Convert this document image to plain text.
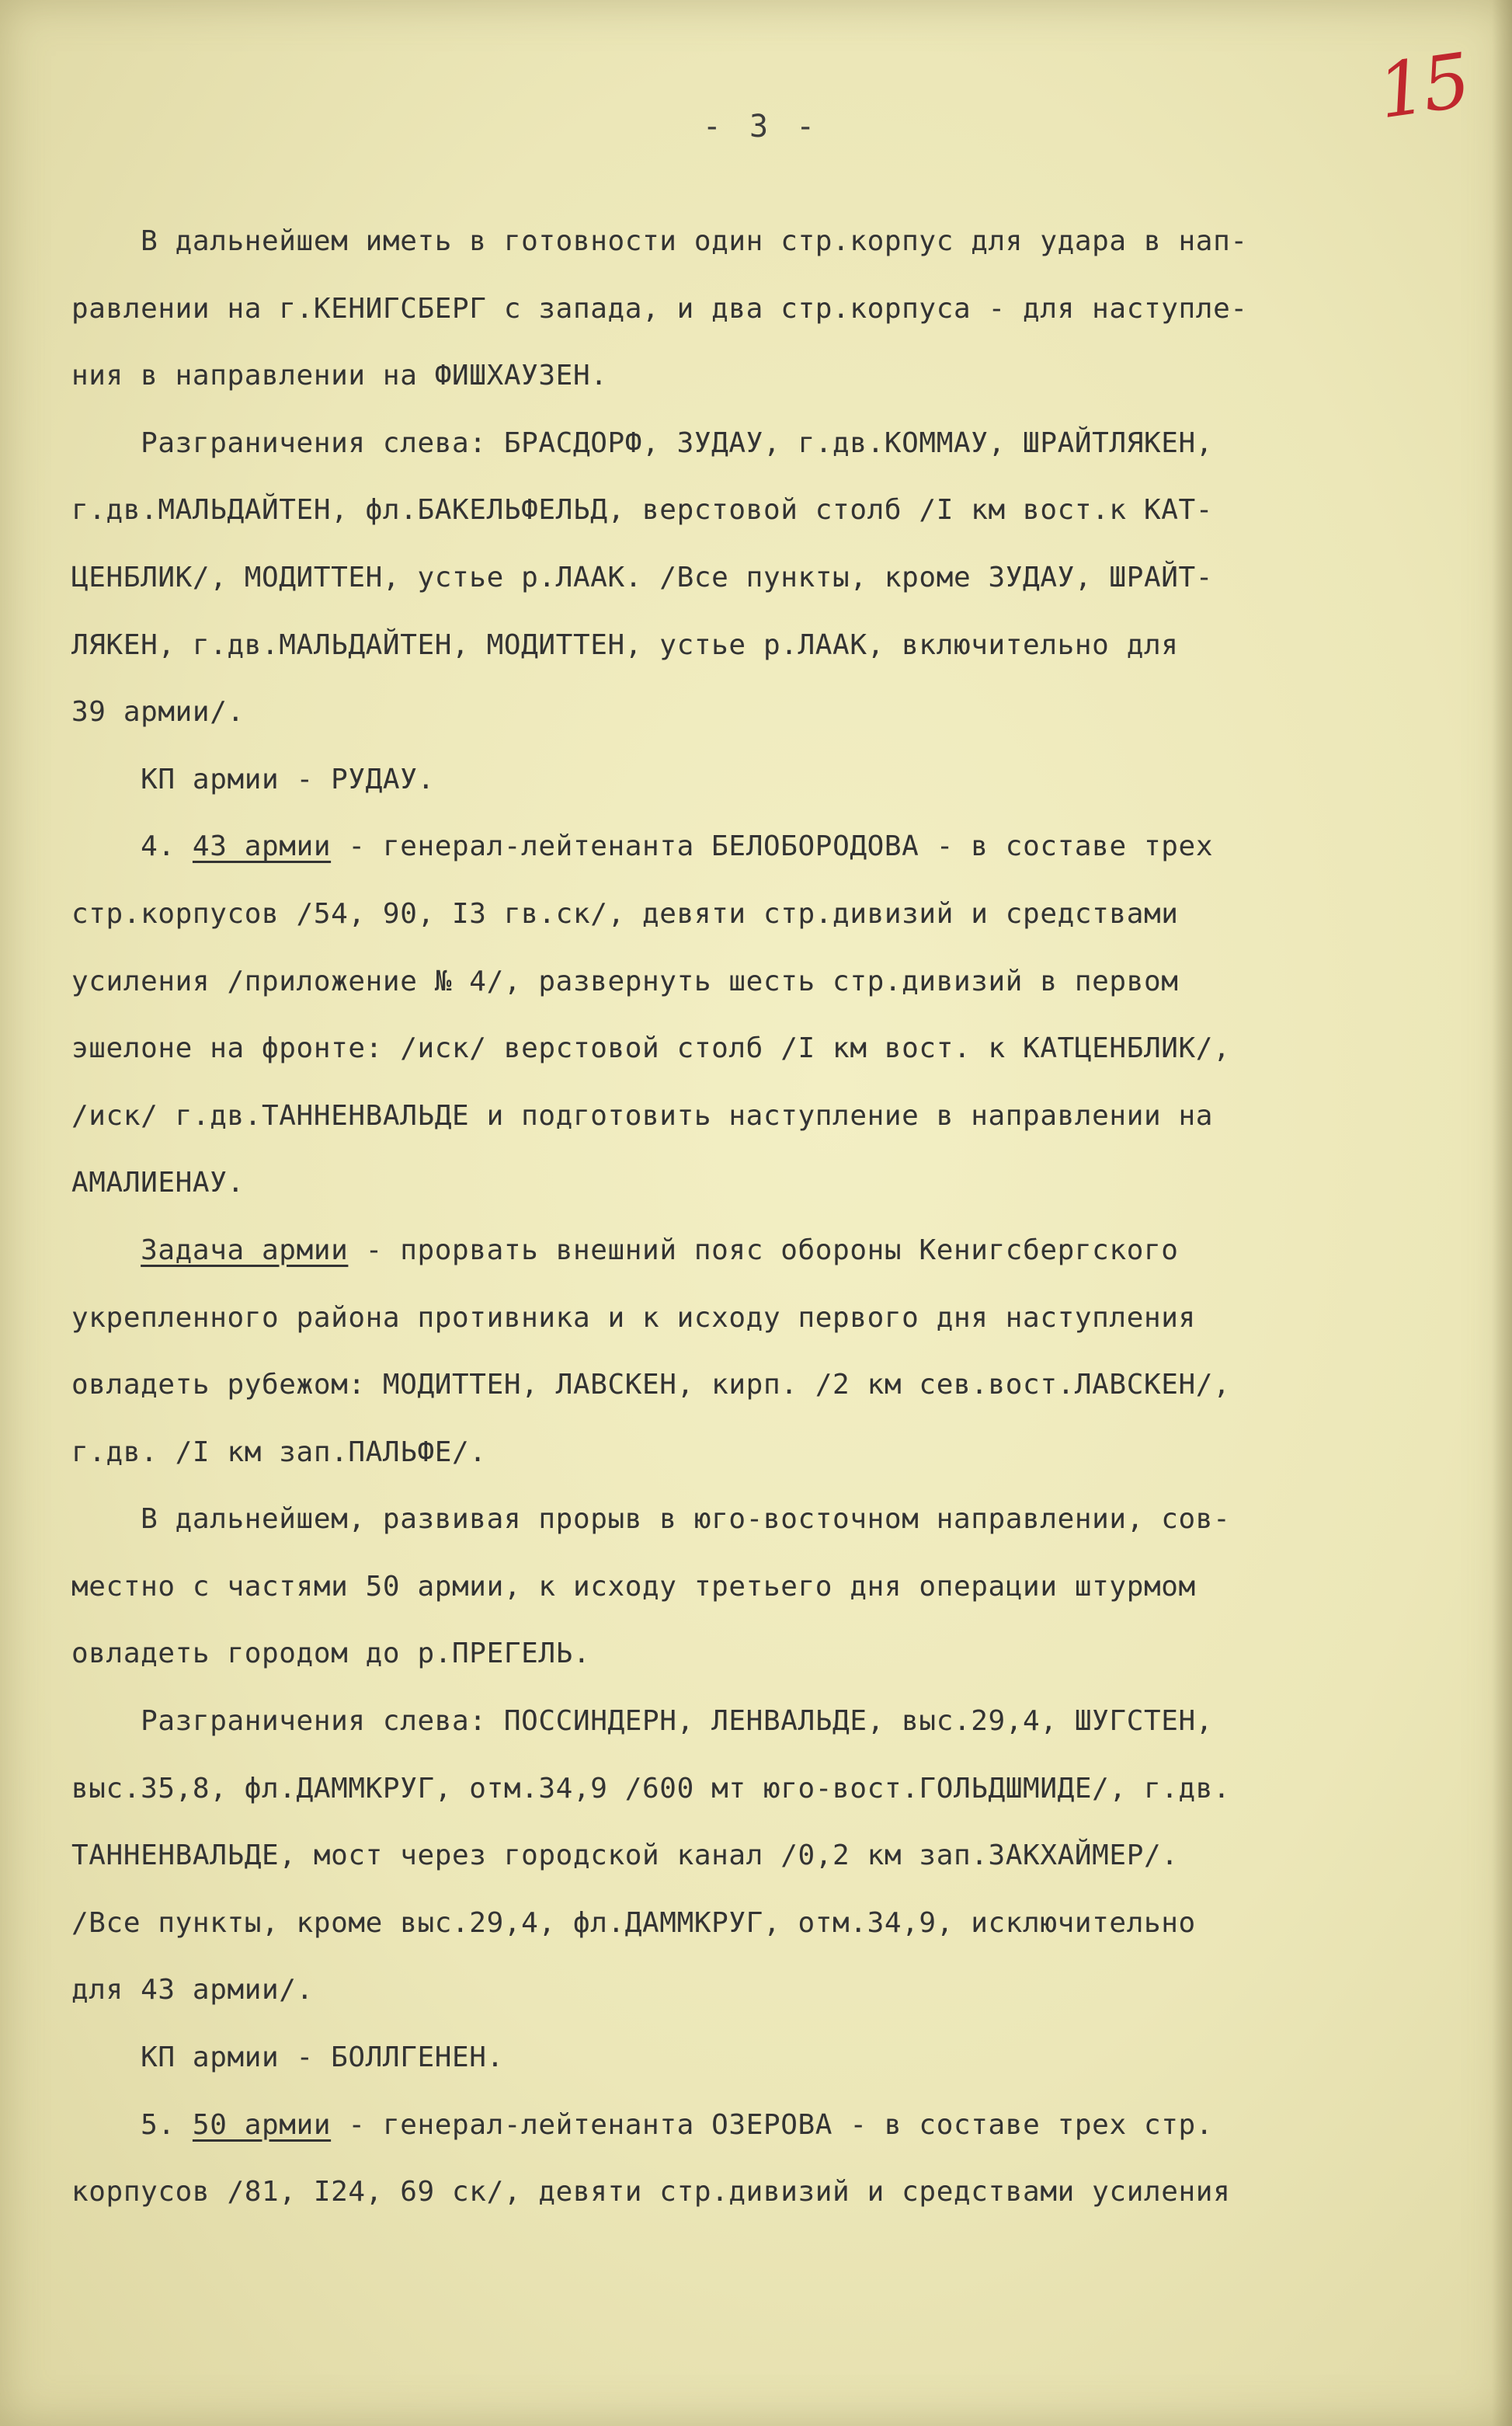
- 3 -	15
В дальнейшем иметь в готовности один стр.корпус для удара в нап-
равлении на г.КЕНИГСБЕРГ с запада, и два стр.корпуса - для наступле-
ния в направлении на ФИШХАУЗЕН.
Разграничения слева: БРАСДОРФ, ЗУДАУ, г.дв.КОММАУ, ШРАЙТЛЯКЕН,
г.дв.МАЛЬДАЙТЕН, фл.БАКЕЛЬФЕЛЬД, верстовой столб /I км вост.к КАТ-
ЦЕНБЛИК/, МОДИТТЕН, устье р.ЛААК. /Все пункты, кроме ЗУДАУ, ШРАЙТ-
ЛЯКЕН, г.дв.МАЛЬДАЙТЕН, МОДИТТЕН, устье р.ЛААК, включительно для
39 армии/.
КП армии - РУДАУ.
4. 43 армии - генерал-лейтенанта БЕЛОБОРОДОВА - в составе трех
стр.корпусов /54, 90, I3 гв.ск/, девяти стр.дивизий и средствами
усиления /приложение № 4/, развернуть шесть стр.дивизий в первом
эшелоне на фронте: /иск/ верстовой столб /I км вост. к КАТЦЕНБЛИК/,
/иск/ г.дв.ТАННЕНВАЛЬДЕ и подготовить наступление в направлении на
АМАЛИЕНАУ.
Задача армии - прорвать внешний пояс обороны Кенигсбергского
укрепленного района противника и к исходу первого дня наступления
овладеть рубежом: МОДИТТЕН, ЛАВСКЕН, кирп. /2 км сев.вост.ЛАВСКЕН/,
г.дв. /I км зап.ПАЛЬФЕ/.
В дальнейшем, развивая прорыв в юго-восточном направлении, сов-
местно с частями 50 армии, к исходу третьего дня операции штурмом
овладеть городом до р.ПРЕГЕЛЬ.
Разграничения слева: ПОССИНДЕРН, ЛЕНВАЛЬДЕ, выс.29,4, ШУГСТЕН,
выс.35,8, фл.ДАММКРУГ, отм.34,9 /600 мт юго-вост.ГОЛЬДШМИДЕ/, г.дв.
ТАННЕНВАЛЬДЕ, мост через городской канал /0,2 км зап.ЗАКХАЙМЕР/.
/Все пункты, кроме выс.29,4, фл.ДАММКРУГ, отм.34,9, исключительно
для 43 армии/.
КП армии - БОЛЛГЕНЕН.
5. 50 армии - генерал-лейтенанта ОЗЕРОВА - в составе трех стр.
корпусов /81, I24, 69 ск/, девяти стр.дивизий и средствами усиления
